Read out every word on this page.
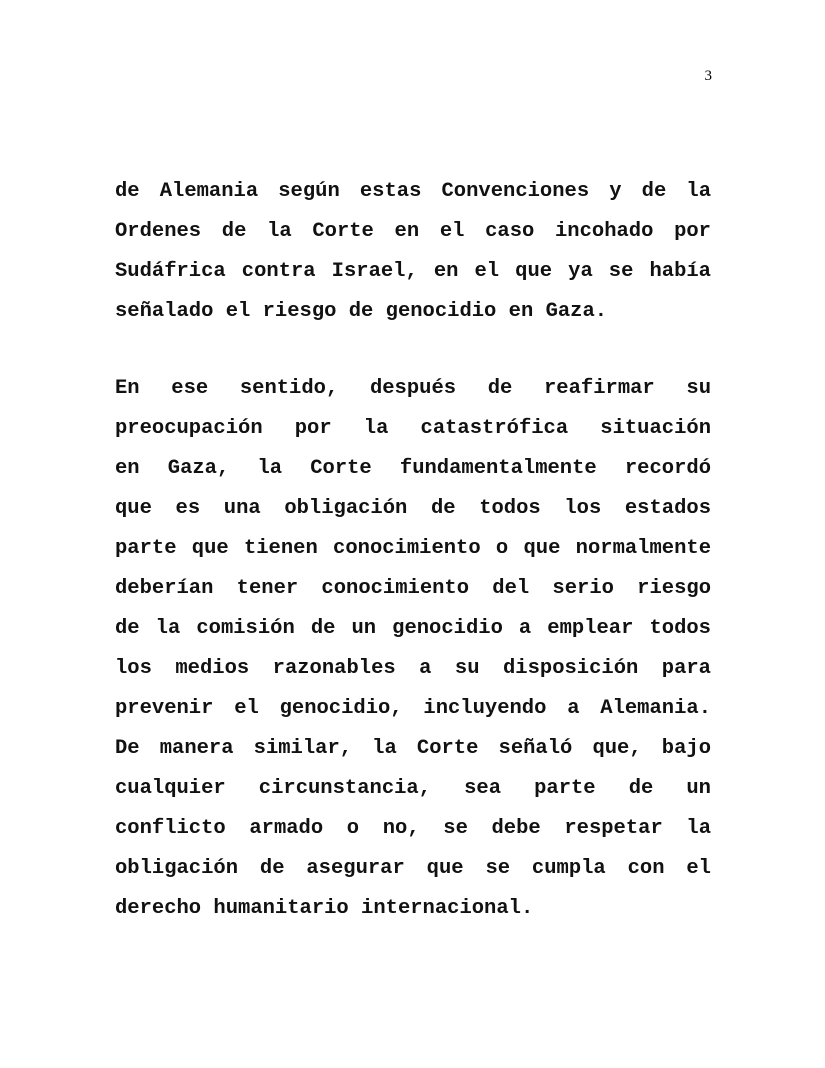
3
de Alemania según estas Convenciones y de la
Ordenes de la Corte en el caso incohado por
Sudáfrica contra Israel, en el que ya se había
señalado el riesgo de genocidio en Gaza.
En ese sentido, después de reafirmar su
preocupación por la catastrófica situación
en Gaza, la Corte fundamentalmente recordó
que es una obligación de todos los estados
parte que tienen conocimiento o que normalmente
deberían tener conocimiento del serio riesgo
de la comisión de un genocidio a emplear todos
los medios razonables a su disposición para
prevenir el genocidio, incluyendo a Alemania.
De manera similar, la Corte señaló que, bajo
cualquier circunstancia, sea parte de un
conflicto armado o no, se debe respetar la
obligación de asegurar que se cumpla con el
derecho humanitario internacional.
